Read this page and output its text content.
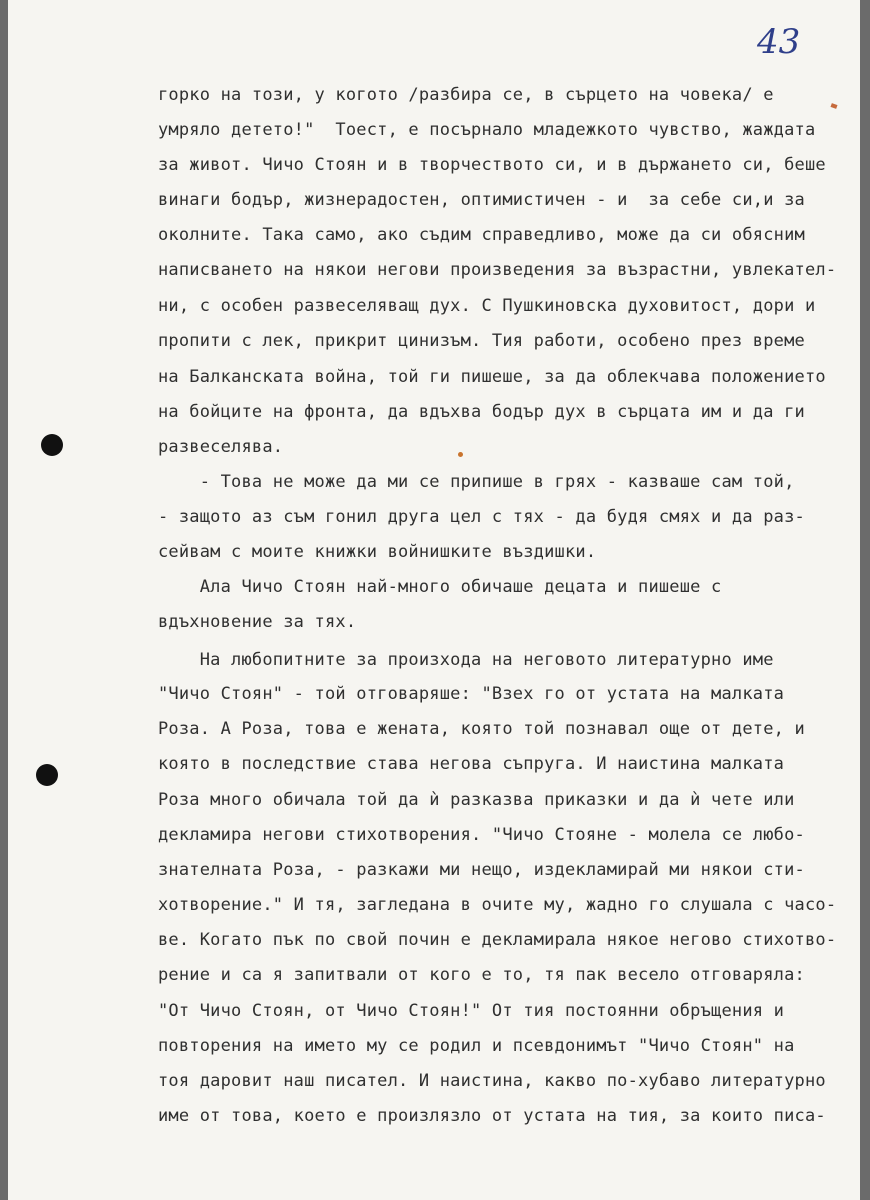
43
горко на този, у когото /разбира се, в сърцето на човека/ е
умряло детето!"  Тоест, е посърнало младежкото чувство, жаждата
за живот. Чичо Стоян и в творчеството си, и в държането си, беше
винаги бодър, жизнерадостен, оптимистичен - и  за себе си,и за
околните. Така само, ако съдим справедливо, може да си обясним
написването на някои негови произведения за възрастни, увлекател-
ни, с особен развеселяващ дух. С Пушкиновска духовитост, дори и
пропити с лек, прикрит цинизъм. Тия работи, особено през време
на Балканската война, той ги пишеше, за да облекчава положението
на бойците на фронта, да вдъхва бодър дух в сърцата им и да ги
развеселява.
- Това не може да ми се припише в грях - казваше сам той,
- защото аз съм гонил друга цел с тях - да будя смях и да раз-
сейвам с моите книжки войнишките въздишки.
Ала Чичо Стоян най-много обичаше децата и пишеше с
вдъхновение за тях.
На любопитните за произхода на неговото литературно име
"Чичо Стоян" - той отговаряше: "Взех го от устата на малката
Роза. А Роза, това е жената, която той познавал още от дете, и
която в последствие става негова съпруга. И наистина малката
Роза много обичала той да ѝ разказва приказки и да ѝ чете или
декламира негови стихотворения. "Чичо Стояне - молела се любо-
знателната Роза, - разкажи ми нещо, издекламирай ми някои сти-
хотворение." И тя, загледана в очите му, жадно го слушала с часо-
ве. Когато пък по свой почин е декламирала някое негово стихотво-
рение и са я запитвали от кого е то, тя пак весело отговаряла:
"От Чичо Стоян, от Чичо Стоян!" От тия постоянни обръщения и
повторения на името му се родил и псевдонимът "Чичо Стоян" на
тоя даровит наш писател. И наистина, какво по-хубаво литературно
име от това, което е произлязло от устата на тия, за които писа-
